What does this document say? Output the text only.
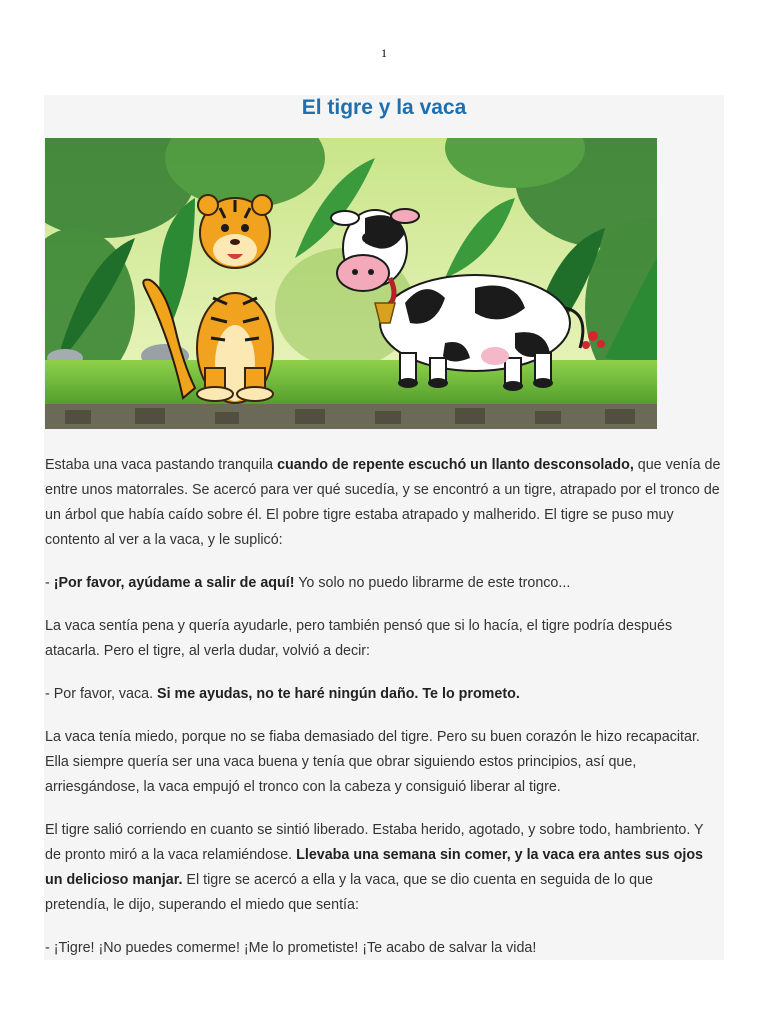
1
El tigre y la vaca

Estaba una vaca pastando tranquila cuando de repente escuchó un llanto desconsolado, que venía de entre unos matorrales. Se acercó para ver qué sucedía, y se encontró a un tigre, atrapado por el tronco de un árbol que había caído sobre él. El pobre tigre estaba atrapado y malherido. El tigre se puso muy contento al ver a la vaca, y le suplicó:

- ¡Por favor, ayúdame a salir de aquí! Yo solo no puedo librarme de este tronco...

La vaca sentía pena y quería ayudarle, pero también pensó que si lo hacía, el tigre podría después atacarla. Pero el tigre, al verla dudar, volvió a decir:

- Por favor, vaca. Si me ayudas, no te haré ningún daño. Te lo prometo.

La vaca tenía miedo, porque no se fiaba demasiado del tigre. Pero su buen corazón le hizo recapacitar. Ella siempre quería ser una vaca buena y tenía que obrar siguiendo estos principios, así que, arriesgándose, la vaca empujó el tronco con la cabeza y consiguió liberar al tigre.

El tigre salió corriendo en cuanto se sintió liberado. Estaba herido, agotado, y sobre todo, hambriento. Y de pronto miró a la vaca relamiéndose. Llevaba una semana sin comer, y la vaca era antes sus ojos un delicioso manjar. El tigre se acercó a ella y la vaca, que se dio cuenta en seguida de lo que pretendía, le dijo, superando el miedo que sentía:

- ¡Tigre! ¡No puedes comerme! ¡Me lo prometiste! ¡Te acabo de salvar la vida!
